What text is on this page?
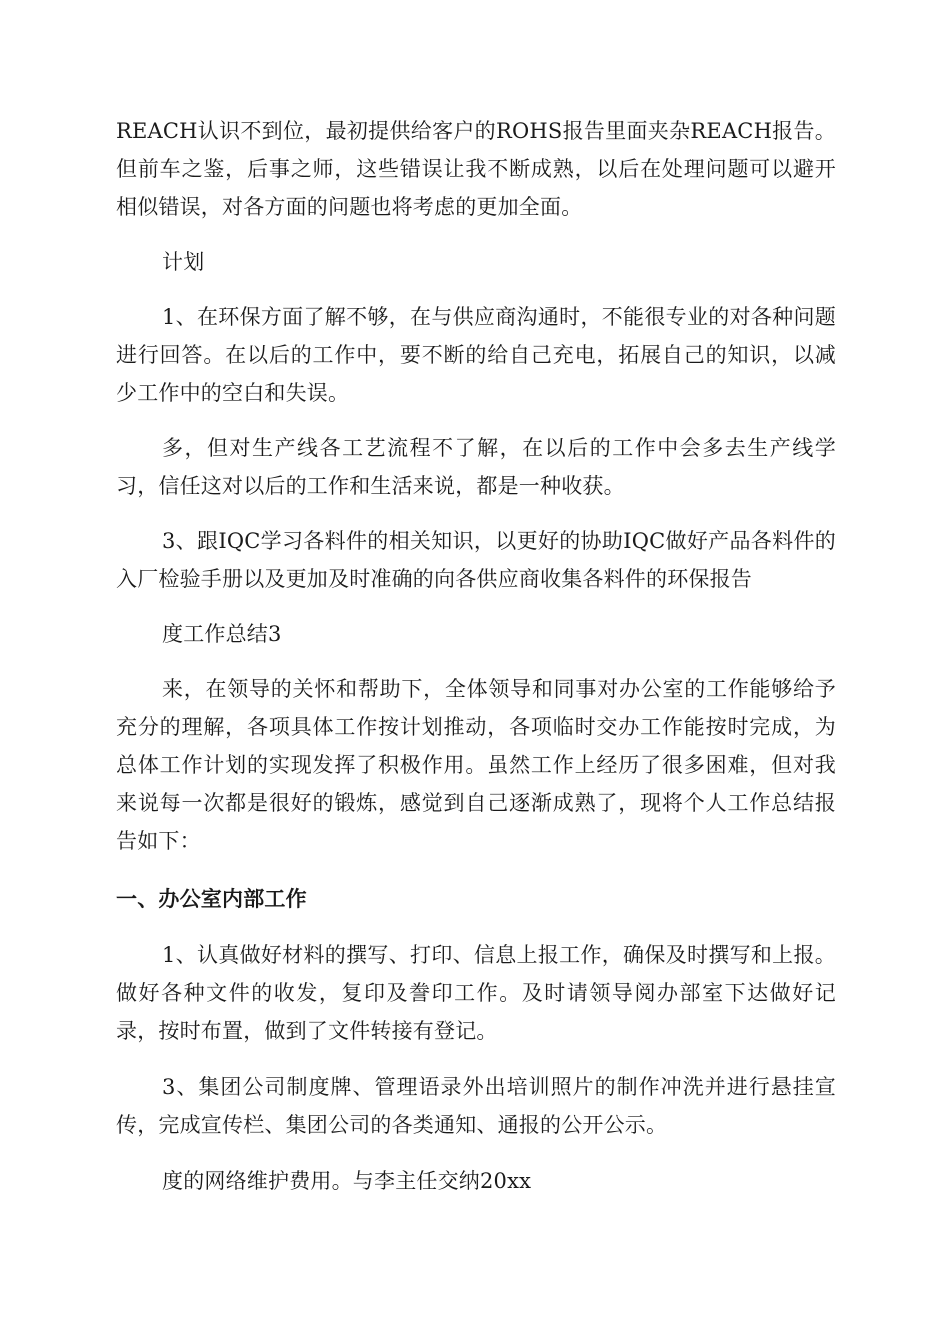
REACH认识不到位，最初提供给客户的ROHS报告里面夹杂REACH报告。但前车之鉴，后事之师，这些错误让我不断成熟，以后在处理问题可以避开相似错误，对各方面的问题也将考虑的更加全面。

计划

1、在环保方面了解不够，在与供应商沟通时，不能很专业的对各种问题进行回答。在以后的工作中，要不断的给自己充电，拓展自己的知识，以减少工作中的空白和失误。

多，但对生产线各工艺流程不了解，在以后的工作中会多去生产线学习，信任这对以后的工作和生活来说，都是一种收获。

3、跟IQC学习各料件的相关知识，以更好的协助IQC做好产品各料件的入厂检验手册以及更加及时准确的向各供应商收集各料件的环保报告

度工作总结3

来，在领导的关怀和帮助下，全体领导和同事对办公室的工作能够给予充分的理解，各项具体工作按计划推动，各项临时交办工作能按时完成，为总体工作计划的实现发挥了积极作用。虽然工作上经历了很多困难，但对我来说每一次都是很好的锻炼，感觉到自己逐渐成熟了，现将个人工作总结报告如下：

一、办公室内部工作

1、认真做好材料的撰写、打印、信息上报工作，确保及时撰写和上报。做好各种文件的收发，复印及誊印工作。及时请领导阅办部室下达做好记录，按时布置，做到了文件转接有登记。

3、集团公司制度牌、管理语录外出培训照片的制作冲洗并进行悬挂宣传，完成宣传栏、集团公司的各类通知、通报的公开公示。

度的网络维护费用。与李主任交纳20xx
